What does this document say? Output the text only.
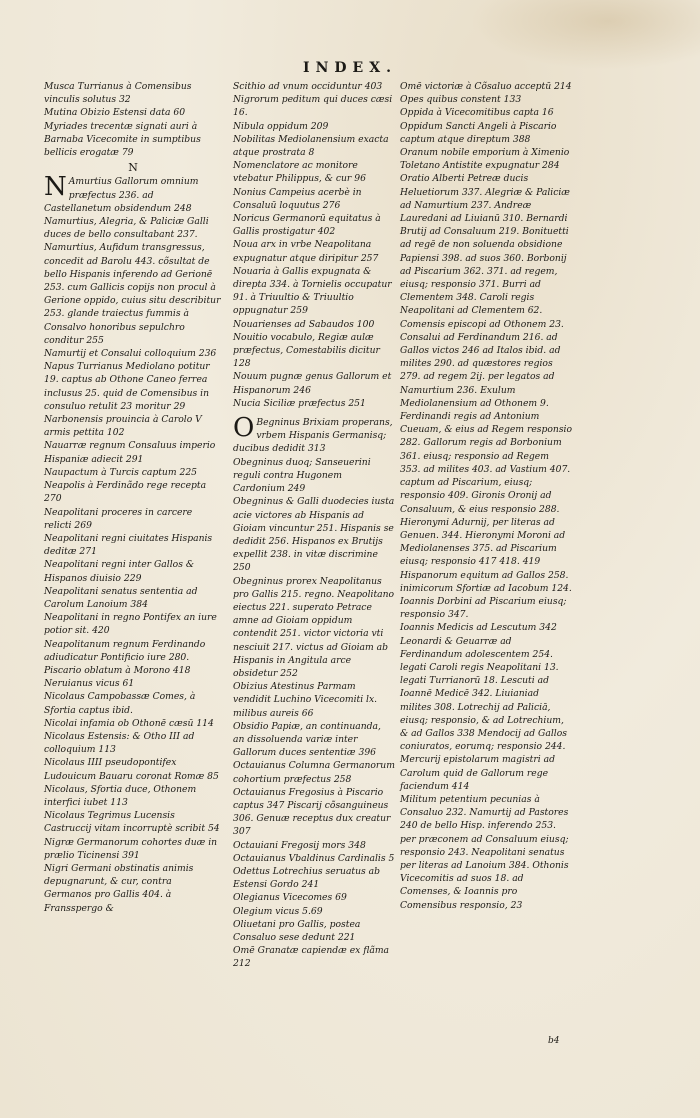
INDEX.

Musca Turrianus à Comensibus vinculis solutus 32

Mutina Obizio Estensi data 60

Myriades trecentæ signati auri à Barnaba Vicecomite in sumptibus bellicis erogatæ 79

N

N Amurtius Gallorum omnium præfectus 236. ad Castellanetum obsidendum 248

Namurtius, Alegria, & Paliciæ Galli duces de bello consultabant 237.

Namurtius, Aufidum transgressus, concedit ad Barolu 443. cõsultat de bello Hispanis inferendo ad Gerionē 253. cum Gallicis copijs non procul à Gerione oppido, cuius situ describitur 253. glande traiectus fummis à Consalvo honoribus sepulchro conditur 255

Namurtij et Consalui colloquium 236

Napus Turrianus Mediolano potitur 19. captus ab Othone Caneo ferrea inclusus 25. quid de Comensibus in consuluo retulit 23 moritur 29

Narbonensis prouincia à Carolo V armis pettita 102

Nauarræ regnum Consaluus imperio Hispaniæ adiecit 291

Naupactum à Turcis captum 225

Neapolis à Ferdinãdo rege recepta 270

Neapolitani proceres in carcere relicti 269

Neapolitani regni ciuitates Hispanis deditæ 271

Neapolitani regni inter Gallos & Hispanos diuisio 229

Neapolitani senatus sententia ad Carolum Lanoium 384

Neapolitani in regno Pontifex an iure potior sit. 420

Neapolitanum regnum Ferdinando adiudicatur Pontificio iure 280. Piscario oblatum à Morono 418

Neruianus vicus 61

Nicolaus Campobassæ Comes, à Sfortia captus ibid.

Nicolai infamia ob Othonē cæsū 114

Nicolaus Estensis: & Otho III ad colloquium 113

Nicolaus IIII pseudopontifex Ludouicum Bauaru coronat Romæ 85

Nicolaus, Sfortia duce, Othonem interfici iubet 113

Nicolaus Tegrimus Lucensis Castruccij vitam incorruptè scribit 54

Nigræ Germanorum cohortes duæ in prælio Ticinensi 391

Nigri Germani obstinatis animis depugnarunt, & cur, contra Germanos pro Gallis 404. à Fransspergo &

Scithio ad vnum occiduntur 403

Nigrorum peditum qui duces cæsi 16.

Nibula oppidum 209

Nobilitas Mediolanensium exacta atque prostrata 8

Nomenclatore ac monitore vtebatur Philippus, & cur 96

Nonius Campeius acerbè in Consaluū loquutus 276

Noricus Germanorū equitatus à Gallis prostigatur 402

Noua arx in vrbe Neapolitana expugnatur atque diripitur 257

Nouaria à Gallis expugnata & direpta 334. à Tornielis occupatur 91. à Triuultio & Triuultio oppugnatur 259

Nouarienses ad Sabaudos 100

Nouitio vocabulo, Regiæ aulæ præfectus, Comestabilis dicitur 128

Nouum pugnæ genus Gallorum et Hispanorum 246

Nucia Siciliæ præfectus 251

O Begninus Brixiam properans, vrbem Hispanis Germanisq; ducibus dedidit 313

Obegninus duoq; Sanseuerini reguli contra Hugonem Cardonium 249

Obegninus & Galli duodecies iusta acie victores ab Hispanis ad Gioiam vincuntur 251. Hispanis se dedidit 256. Hispanos ex Brutijs expellit 238. in vitæ discrimine 250

Obegninus prorex Neapolitanus pro Gallis 215. regno. Neapolitano eiectus 221. superato Petrace amne ad Gioiam oppidum contendit 251. victor victoria vti nesciuit 217. victus ad Gioiam ab Hispanis in Angitula arce obsidetur 252

Obizius Atestinus Parmam vendidit Luchino Vicecomiti lx. milibus aureis 66

Obsidio Papiæ, an continuanda, an dissoluenda variæ inter Gallorum duces sententiæ 396

Octauianus Columna Germanorum cohortium præfectus 258

Octauianus Fregosius à Piscario captus 347 Piscarij cõsanguineus 306. Genuæ receptus dux creatur 307

Octauiani Fregosij mors 348

Octauianus Vbaldinus Cardinalis 5

Odettus Lotrechius seruatus ab Estensi Gordo 241

Olegianus Vicecomes 69

Olegium vicus 5.69

Oliuetani pro Gallis, postea Consaluo sese dedunt 221

Omē Granatæ capiendæ ex flãma 212

Omē victoriæ à Cõsaluo acceptū 214

Opes quibus constent 133

Oppida à Vicecomitibus capta 16

Oppidum Sancti Angeli à Piscario captum atque direptum 388

Oranum nobile emporium à Ximenio Toletano Antistite expugnatur 284

Oratio Alberti Petreæ ducis Heluetiorum 337. Alegriæ & Paliciæ ad Namurtium 237. Andreæ Lauredani ad Liuianū 310. Bernardi Brutij ad Consaluum 219. Bonituetti ad regē de non soluenda obsidione Papiensi 398. ad suos 360. Borbonij ad Piscarium 362. 371. ad regem, eiusq; responsio 371. Burri ad Clementem 348. Caroli regis Neapolitani ad Clementem 62. Comensis episcopi ad Othonem 23. Consalui ad Ferdinandum 216. ad Gallos victos 246 ad Italos ibid. ad milites 290. ad quæstores regios 279. ad regem 2ij. per legatos ad Namurtium 236. Exulum Mediolanensium ad Othonem 9. Ferdinandi regis ad Antonium Cueuam, & eius ad Regem responsio 282. Gallorum regis ad Borbonium 361. eiusq; responsio ad Regem 353. ad milites 403. ad Vastium 407. captum ad Piscarium, eiusq; responsio 409. Gironis Oronij ad Consaluum, & eius responsio 288. Hieronymi Adurnij, per literas ad Genuen. 344. Hieronymi Moroni ad Mediolanenses 375. ad Piscarium eiusq; responsio 417 418. 419 Hispanorum equitum ad Gallos 258. inimicorum Sfortiæ ad Iacobum 124. Ioannis Dorbini ad Piscarium eiusq; responsio 347.

Ioannis Medicis ad Lescutum 342

Leonardi & Geuarræ ad Ferdinandum adolescentem 254. legati Caroli regis Neapolitani 13. legati Turrianorū 18. Lescuti ad Ioannē Medicē 342. Liuianiad milites 308. Lotrechij ad Paliciā, eiusq; responsio, & ad Lotrechium, & ad Gallos 338 Mendocij ad Gallos coniuratos, eorumq; responsio 244. Mercurij epistolarum magistri ad Carolum quid de Gallorum rege faciendum 414

Militum petentium pecunias à Consaluo 232. Namurtij ad Pastores 240 de bello Hisp. inferendo 253. per præconem ad Consaluum eiusq; responsio 243. Neapolitani senatus per literas ad Lanoium 384. Othonis Vicecomitis ad suos 18. ad Comenses, & Ioannis pro Comensibus responsio, 23

b4
